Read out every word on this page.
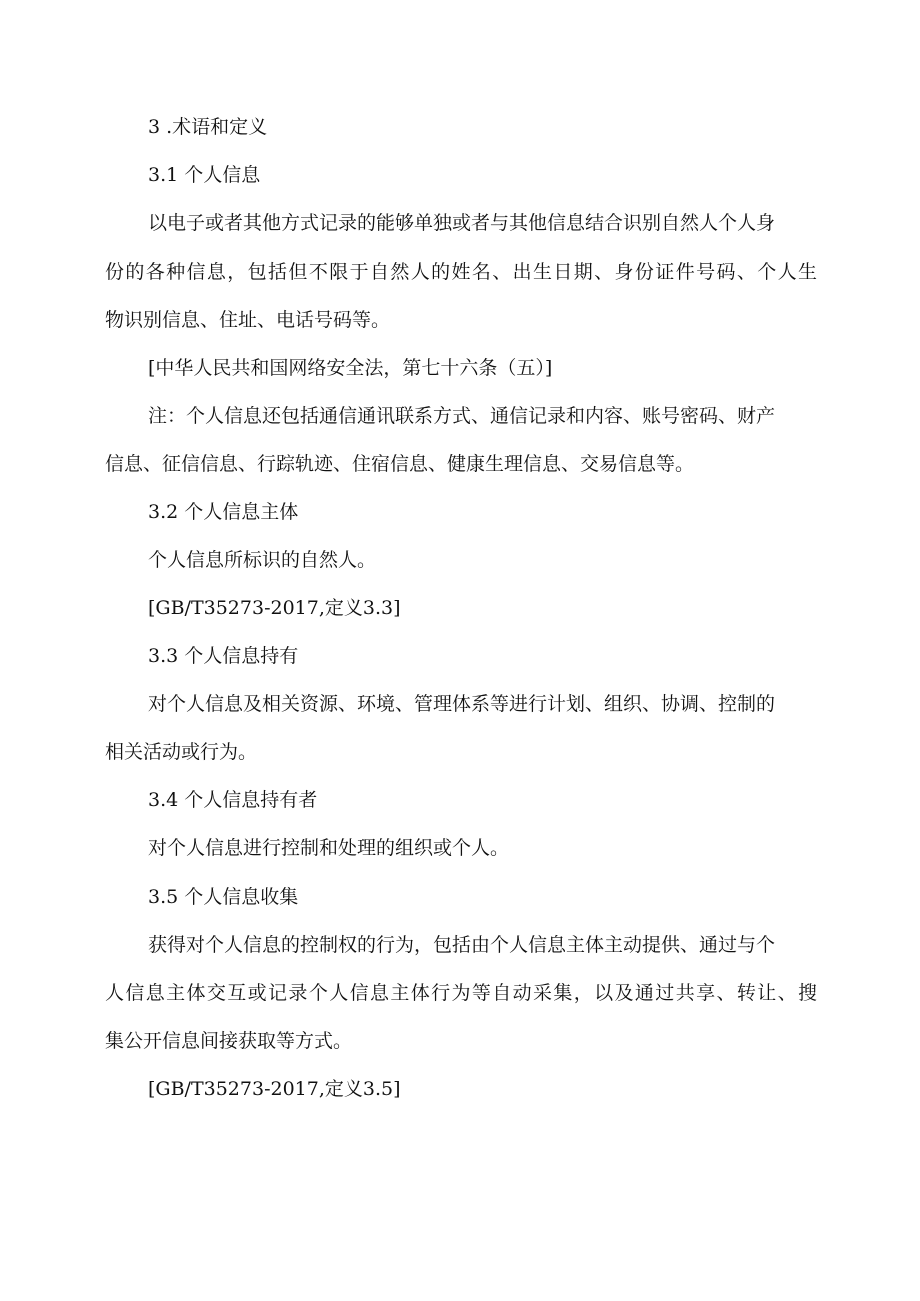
3 .术语和定义
3.1 个人信息
以电子或者其他方式记录的能够单独或者与其他信息结合识别自然人个人身
份的各种信息，包括但不限于自然人的姓名、出生日期、身份证件号码、个人生
物识别信息、住址、电话号码等。
[中华人民共和国网络安全法，第七十六条（五）]
注：个人信息还包括通信通讯联系方式、通信记录和内容、账号密码、财产
信息、征信信息、行踪轨迹、住宿信息、健康生理信息、交易信息等。
3.2 个人信息主体
个人信息所标识的自然人。
[GB/T35273-2017,定义3.3]
3.3 个人信息持有
对个人信息及相关资源、环境、管理体系等进行计划、组织、协调、控制的
相关活动或行为。
3.4 个人信息持有者
对个人信息进行控制和处理的组织或个人。
3.5 个人信息收集
获得对个人信息的控制权的行为，包括由个人信息主体主动提供、通过与个
人信息主体交互或记录个人信息主体行为等自动采集，以及通过共享、转让、搜
集公开信息间接获取等方式。
[GB/T35273-2017,定义3.5]
